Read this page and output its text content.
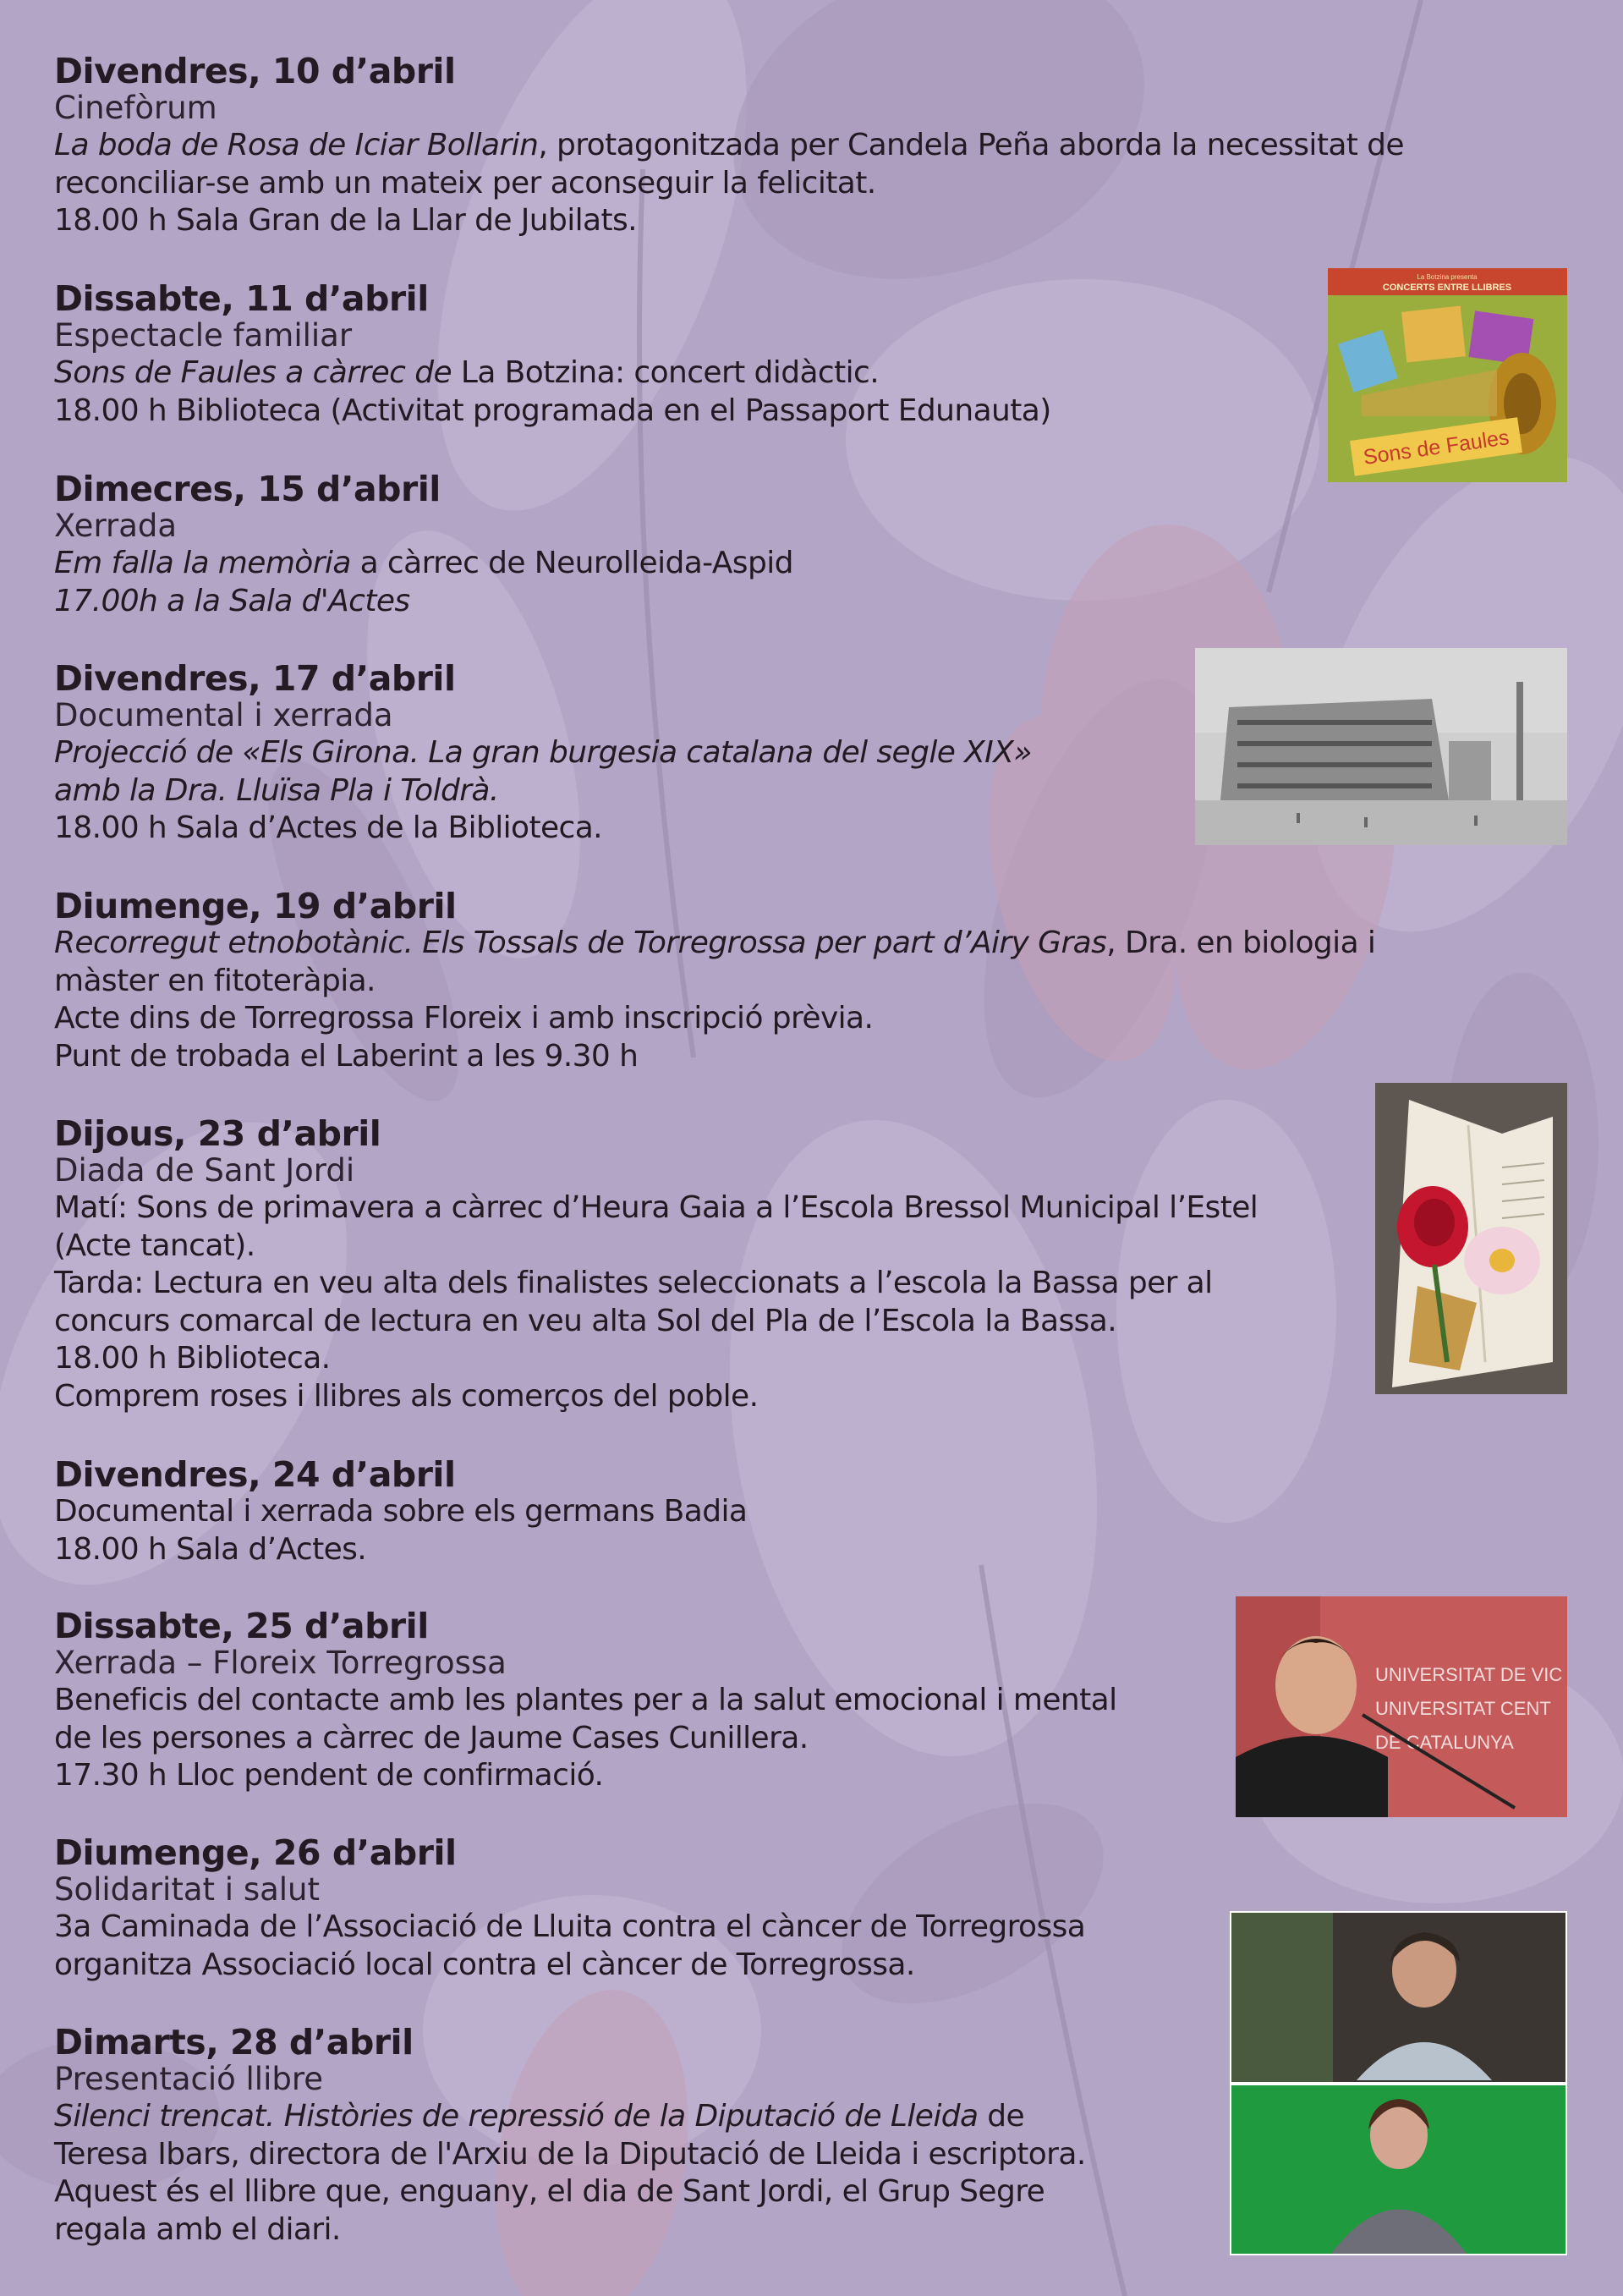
Divendres, 10 d’abril
Cinefòrum
La boda de Rosa de Iciar Bollarin, protagonitzada per Candela Peña aborda la necessitat de
reconciliar-se amb un mateix per aconseguir la felicitat.
18.00 h Sala Gran de la Llar de Jubilats.
Dissabte, 11 d’abril
Espectacle familiar
Sons de Faules a càrrec de La Botzina: concert didàctic.
18.00 h Biblioteca (Activitat programada en el Passaport Edunauta)
Dimecres, 15 d’abril
Xerrada
Em falla la memòria a càrrec de Neurolleida-Aspid
17.00h a la Sala d'Actes
Divendres, 17 d’abril
Documental i xerrada
Projecció de «Els Girona. La gran burgesia catalana del segle XIX»
amb la Dra. Lluïsa Pla i Toldrà.
18.00 h Sala d’Actes de la Biblioteca.
Diumenge, 19 d’abril
Recorregut etnobotànic. Els Tossals de Torregrossa per part d’Airy Gras, Dra. en biologia i
màster en fitoteràpia.
Acte dins de Torregrossa Floreix i amb inscripció prèvia.
Punt de trobada el Laberint a les 9.30 h
Dijous, 23 d’abril
Diada de Sant Jordi
Matí: Sons de primavera a càrrec d’Heura Gaia a l’Escola Bressol Municipal l’Estel
(Acte tancat).
Tarda: Lectura en veu alta dels finalistes seleccionats a l’escola la Bassa per al
concurs comarcal de lectura en veu alta Sol del Pla de l’Escola la Bassa.
18.00 h Biblioteca.
Comprem roses i llibres als comerços del poble.
Divendres, 24 d’abril
Documental i xerrada sobre els germans Badia
18.00 h Sala d’Actes.
Dissabte, 25 d’abril
Xerrada – Floreix Torregrossa
Beneficis del contacte amb les plantes per a la salut emocional i mental
de les persones a càrrec de Jaume Cases Cunillera.
17.30 h Lloc pendent de confirmació.
Diumenge, 26 d’abril
Solidaritat i salut
3a Caminada de l’Associació de Lluita contra el càncer de Torregrossa
organitza Associació local contra el càncer de Torregrossa.
Dimarts, 28 d’abril
Presentació llibre
Silenci trencat. Històries de repressió de la Diputació de Lleida de
Teresa Ibars, directora de l'Arxiu de la Diputació de Lleida i escriptora.
Aquest és el llibre que, enguany, el dia de Sant Jordi, el Grup Segre
regala amb el diari.
La Botzina presenta
CONCERTS ENTRE LLIBRES
Sons de Faules
UNIVERSITAT DE VIC
UNIVERSITAT CENT
DE CATALUNYA
